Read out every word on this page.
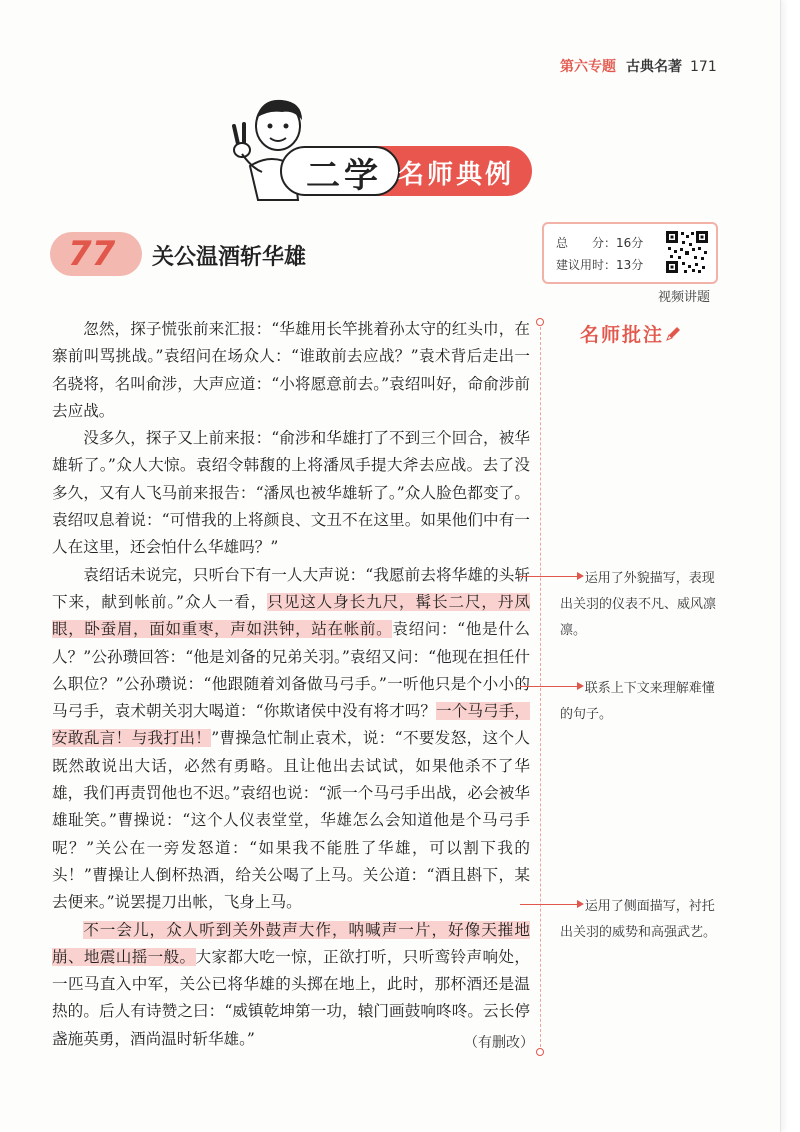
第六专题 古典名著 171
二学 名师典例
77 关公温酒斩华雄
总　　分：16分
建议用时：13分
视频讲题

忽然，探子慌张前来汇报：“华雄用长竿挑着孙太守的红头巾，在寨前叫骂挑战。”袁绍问在场众人：“谁敢前去应战？”袁术背后走出一名骁将，名叫俞涉，大声应道：“小将愿意前去。”袁绍叫好，命俞涉前去应战。

没多久，探子又上前来报：“俞涉和华雄打了不到三个回合，被华雄斩了。”众人大惊。袁绍令韩馥的上将潘凤手提大斧去应战。去了没多久，又有人飞马前来报告：“潘凤也被华雄斩了。”众人脸色都变了。袁绍叹息着说：“可惜我的上将颜良、文丑不在这里。如果他们中有一人在这里，还会怕什么华雄吗？”

袁绍话未说完，只听台下有一人大声说：“我愿前去将华雄的头斩下来，献到帐前。”众人一看，只见这人身长九尺，髯长二尺，丹凤眼，卧蚕眉，面如重枣，声如洪钟，站在帐前。袁绍问：“他是什么人？”公孙瓒回答：“他是刘备的兄弟关羽。”袁绍又问：“他现在担任什么职位？”公孙瓒说：“他跟随着刘备做马弓手。”一听他只是个小小的马弓手，袁术朝关羽大喝道：“你欺诸侯中没有将才吗？一个马弓手，安敢乱言！与我打出！”曹操急忙制止袁术，说：“不要发怒，这个人既然敢说出大话，必然有勇略。且让他出去试试，如果他杀不了华雄，我们再责罚他也不迟。”袁绍也说：“派一个马弓手出战，必会被华雄耻笑。”曹操说：“这个人仪表堂堂，华雄怎么会知道他是个马弓手呢？”关公在一旁发怒道：“如果我不能胜了华雄，可以割下我的头！”曹操让人倒杯热酒，给关公喝了上马。关公道：“酒且斟下，某去便来。”说罢提刀出帐，飞身上马。

不一会儿，众人听到关外鼓声大作，呐喊声一片，好像天摧地崩、地震山摇一般。大家都大吃一惊，正欲打听，只听鸾铃声响处，一匹马直入中军，关公已将华雄的头掷在地上，此时，那杯酒还是温热的。后人有诗赞之曰：“威镇乾坤第一功，辕门画鼓响咚咚。云长停盏施英勇，酒尚温时斩华雄。”	（有删改）
名师批注
运用了外貌描写，表现出关羽的仪表不凡、威风凛凛。
联系上下文来理解难懂的句子。
运用了侧面描写，衬托出关羽的威势和高强武艺。
